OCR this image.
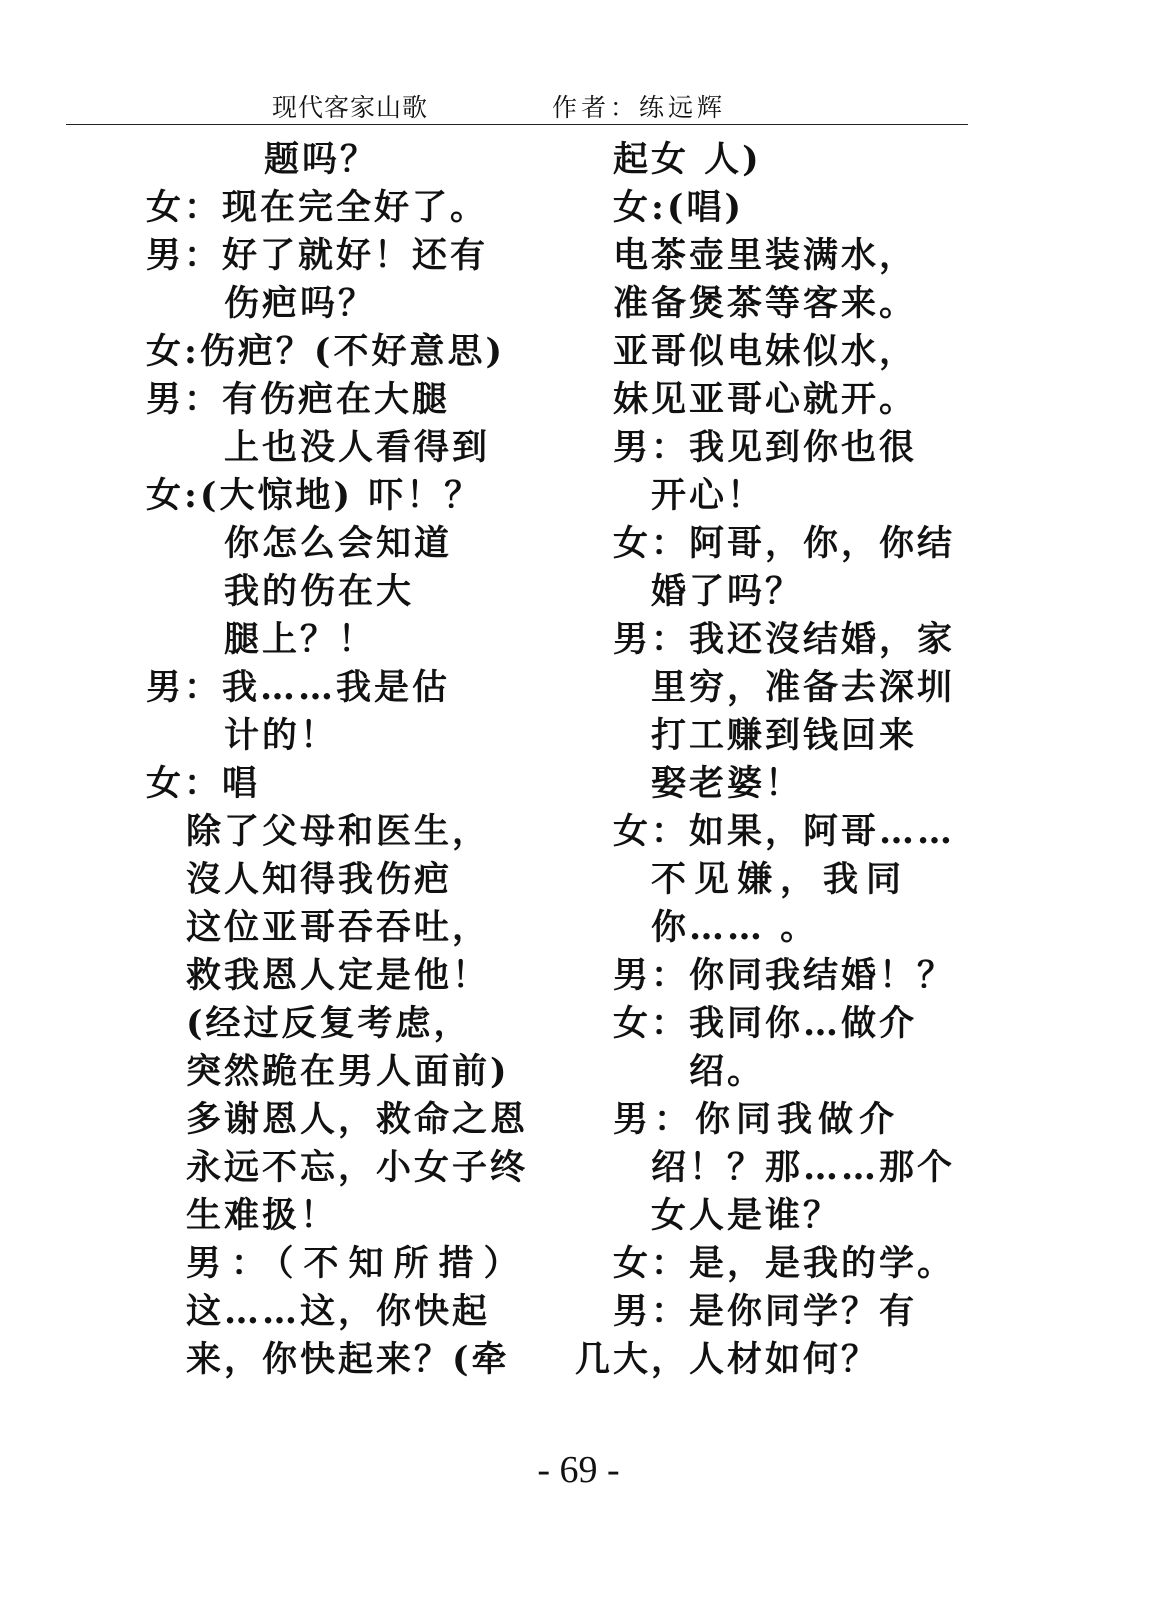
现代客家山歌	作者：练远辉
题吗？
女：现在完全好了。
男：好了就好！还有
伤疤吗？
女:伤疤？(不好意思)
男：有伤疤在大腿
上也没人看得到
女:(大惊地) 吓！？
你怎么会知道
我的伤在大
腿上？！
男：我……我是估
计的！
女：唱
除了父母和医生，
沒人知得我伤疤
这位亚哥吞吞吐，
救我恩人定是他！
(经过反复考虑，
突然跪在男人面前)
多谢恩人，救命之恩
永远不忘，小女子终
生难扱！
男：（不知所措）
这……这，你快起
来，你快起来？(牵
起女 人)
女:(唱)
电茶壶里装满水，
准备煲茶等客来。
亚哥似电妹似水，
妹见亚哥心就开。
男：我见到你也很
开心！
女：阿哥，你，你结
婚了吗？
男：我还沒结婚，家
里穷，准备去深圳
打工赚到钱回来
娶老婆！
女：如果，阿哥……
不见嫌，我同
你…… 。
男：你同我结婚！？
女：我同你…做介
绍。
男：你同我做介
绍！？那……那个
女人是谁？
女：是，是我的学。
男：是你同学？有
几大，人材如何？
- 69 -
